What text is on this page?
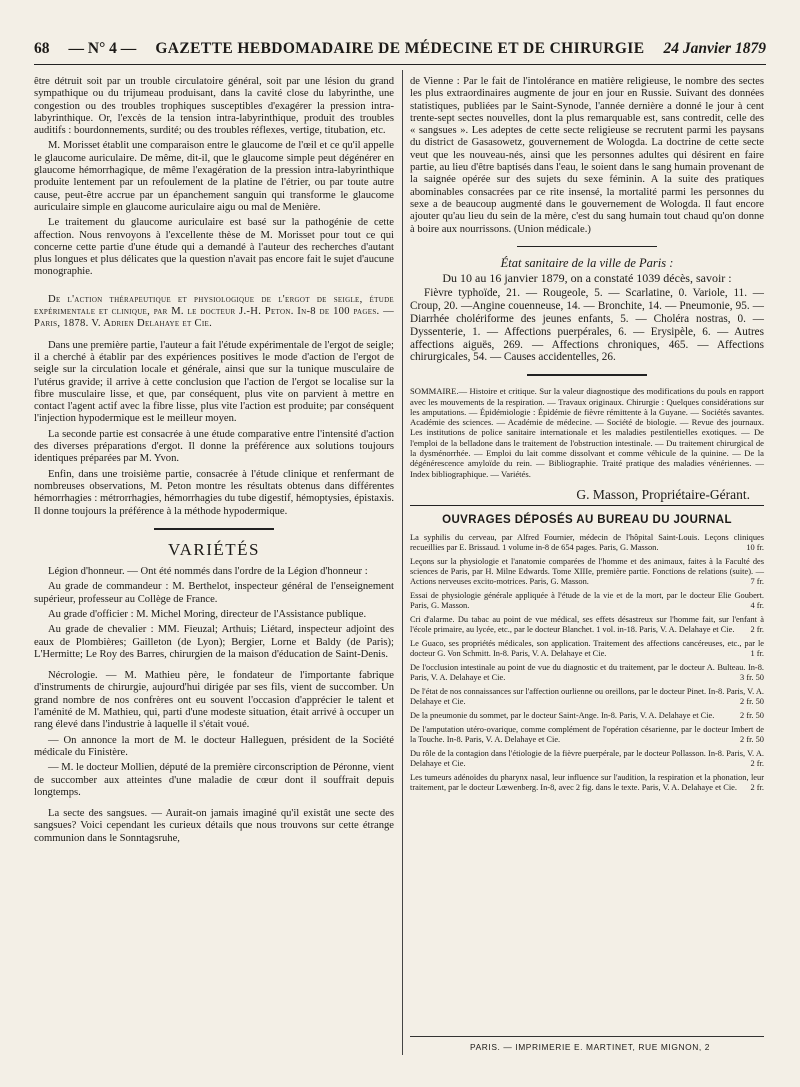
68 — N° 4 — GAZETTE HEBDOMADAIRE DE MÉDECINE ET DE CHIRURGIE 24 Janvier 1879

être détruit soit par un trouble circulatoire général, soit par une lésion du grand sympathique ou du trijumeau produisant, dans la cavité close du labyrinthe, une congestion ou des troubles trophiques susceptibles d'exagérer la pression intra-labyrinthique. Or, l'excès de la tension intra-labyrinthique, produit des troubles auditifs : bourdonnements, surdité; ou des troubles réflexes, vertige, titubation, etc.

M. Morisset établit une comparaison entre le glaucome de l'œil et ce qu'il appelle le glaucome auriculaire. De même, dit-il, que le glaucome simple peut dégénérer en glaucome hémorrhagique, de même l'exagération de la pression intra-labyrinthique produite lentement par un refoulement de la platine de l'étrier, ou par toute autre cause, peut-être accrue par un épanchement sanguin qui transforme le glaucome auriculaire simple en glaucome auriculaire aigu ou mal de Menière.

Le traitement du glaucome auriculaire est basé sur la pathogénie de cette affection. Nous renvoyons à l'excellente thèse de M. Morisset pour tout ce qui concerne cette partie d'une étude qui a demandé à l'auteur des recherches d'autant plus longues et plus délicates que la question n'avait pas encore fait le sujet d'aucune monographie.

De l'action thérapeutique et physiologique de l'ergot de seigle, étude expérimentale et clinique, par M. le docteur J.-H. Peton. In-8 de 100 pages. — Paris, 1878. V. Adrien Delahaye et Cie.

Dans une première partie, l'auteur a fait l'étude expérimentale de l'ergot de seigle; il a cherché à établir par des expériences positives le mode d'action de l'ergot de seigle sur la circulation locale et générale, ainsi que sur la tunique musculaire de l'utérus gravide; il arrive à cette conclusion que l'action de l'ergot se localise sur la fibre musculaire lisse, et que, par conséquent, plus vite on parvient à mettre en contact l'agent actif avec la fibre lisse, plus vite l'action est produite; par conséquent l'injection hypodermique est le meilleur moyen.

La seconde partie est consacrée à une étude comparative entre l'intensité d'action des diverses préparations d'ergot. Il donne la préférence aux solutions toujours identiques préparées par M. Yvon.

Enfin, dans une troisième partie, consacrée à l'étude clinique et renfermant de nombreuses observations, M. Peton montre les résultats obtenus dans différentes hémorrhagies : métrorrhagies, hémorrhagies du tube digestif, hémoptysies, épistaxis. Il donne toujours la préférence à la méthode hypodermique.

VARIÉTÉS

Légion d'honneur. — Ont été nommés dans l'ordre de la Légion d'honneur :

Au grade de commandeur : M. Berthelot, inspecteur général de l'enseignement supérieur, professeur au Collège de France.

Au grade d'officier : M. Michel Moring, directeur de l'Assistance publique.

Au grade de chevalier : MM. Fieuzal; Arthuis; Liétard, inspecteur adjoint des eaux de Plombières; Gailleton (de Lyon); Bergier, Lorne et Baldy (de Paris); L'Hermitte; Le Roy des Barres, chirurgien de la maison d'éducation de Saint-Denis.

Nécrologie. — M. Mathieu père, le fondateur de l'importante fabrique d'instruments de chirurgie, aujourd'hui dirigée par ses fils, vient de succomber. Un grand nombre de nos confrères ont eu souvent l'occasion d'apprécier le talent et l'aménité de M. Mathieu, qui, parti d'une modeste situation, était arrivé à occuper un rang élevé dans l'industrie à laquelle il s'était voué.

— On annonce la mort de M. le docteur Halleguen, président de la Société médicale du Finistère.

— M. le docteur Mollien, député de la première circonscription de Péronne, vient de succomber aux atteintes d'une maladie de cœur dont il souffrait depuis longtemps.

La secte des sangsues. — Aurait-on jamais imaginé qu'il existât une secte des sangsues? Voici cependant les curieux détails que nous trouvons sur cette étrange communion dans le Sonntagsruhe,

de Vienne : Par le fait de l'intolérance en matière religieuse, le nombre des sectes les plus extraordinaires augmente de jour en jour en Russie. Suivant des données statistiques, publiées par le Saint-Synode, l'année dernière a donné le jour à cent trente-sept sectes nouvelles, dont la plus remarquable est, sans contredit, celle des « sangsues ». Les adeptes de cette secte religieuse se recrutent parmi les paysans du district de Gasasowetz, gouvernement de Wologda. La doctrine de cette secte veut que les nouveau-nés, ainsi que les personnes adultes qui désirent en faire partie, au lieu d'être baptisés dans l'eau, le soient dans le sang humain provenant de la saignée opérée sur des sujets du sexe féminin. A la suite des pratiques abominables consacrées par ce rite insensé, la mortalité parmi les personnes du sexe a de beaucoup augmenté dans le gouvernement de Wologda. Il faut encore ajouter qu'au lieu du sein de la mère, c'est du sang humain tout chaud qu'on donne à boire aux nourrissons. (Union médicale.)

État sanitaire de la ville de Paris :
Du 10 au 16 janvier 1879, on a constaté 1039 décès, savoir :

Fièvre typhoïde, 21. — Rougeole, 5. — Scarlatine, 0. Variole, 11. — Croup, 20. —Angine couenneuse, 14. — Bronchite, 14. — Pneumonie, 95. — Diarrhée cholériforme des jeunes enfants, 5. — Choléra nostras, 0. — Dyssenterie, 1. — Affections puerpérales, 6. — Erysipèle, 6. — Autres affections aiguës, 269. — Affections chroniques, 465. — Affections chirurgicales, 54. — Causes accidentelles, 26.

SOMMAIRE.— Histoire et critique. Sur la valeur diagnostique des modifications du pouls en rapport avec les mouvements de la respiration. — Travaux originaux. Chirurgie : Quelques considérations sur les amputations. — Épidémiologie : Épidémie de fièvre rémittente à la Guyane. — Sociétés savantes. Académie des sciences. — Académie de médecine. — Société de biologie. — Revue des journaux. Les institutions de police sanitaire internationale et les maladies pestilentielles exotiques. — De l'emploi de la belladone dans le traitement de l'obstruction intestinale. — Du traitement chirurgical de la dysménorrhée. — Emploi du lait comme dissolvant et comme véhicule de la quinine. — De la dégénérescence amyloïde du rein. — Bibliographie. Traité pratique des maladies vénériennes. — Index bibliographique. — Variétés.

G. Masson, Propriétaire-Gérant.
OUVRAGES DÉPOSÉS AU BUREAU DU JOURNAL

La syphilis du cerveau, par Alfred Fournier, médecin de l'hôpital Saint-Louis. Leçons cliniques recueillies par E. Brissaud. 1 volume in-8 de 654 pages. Paris, G. Masson.	10 fr.

Leçons sur la physiologie et l'anatomie comparées de l'homme et des animaux, faites à la Faculté des sciences de Paris, par H. Milne Edwards. Tome XIIIe, première partie. Fonctions de relations (suite). — Actions nerveuses excito-motrices. Paris, G. Masson.	7 fr.

Essai de physiologie générale appliquée à l'étude de la vie et de la mort, par le docteur Elie Goubert. Paris, G. Masson.	4 fr.

Cri d'alarme. Du tabac au point de vue médical, ses effets désastreux sur l'homme fait, sur l'enfant à l'école primaire, au lycée, etc., par le docteur Blanchet. 1 vol. in-18. Paris, V. A. Delahaye et Cie. 2 fr.

Le Guaco, ses propriétés médicales, son application. Traitement des affections cancéreuses, etc., par le docteur G. Von Schmitt. In-8. Paris, V. A. Delahaye et Cie.	1 fr.

De l'occlusion intestinale au point de vue du diagnostic et du traitement, par le docteur A. Bulteau. In-8. Paris, V. A. Delahaye et Cie.	3 fr. 50

De l'état de nos connaissances sur l'affection ourlienne ou oreillons, par le docteur Pinet. In-8. Paris, V. A. Delahaye et Cie.	2 fr. 50

De la pneumonie du sommet, par le docteur Saint-Ange. In-8. Paris, V. A. Delahaye et Cie.	2 fr. 50

De l'amputation utéro-ovarique, comme complément de l'opération césarienne, par le docteur Imbert de la Touche. In-8. Paris, V. A. Delahaye et Cie.	2 fr. 50

Du rôle de la contagion dans l'étiologie de la fièvre puerpérale, par le docteur Pollasson. In-8. Paris, V. A. Delahaye et Cie.	2 fr.

Les tumeurs adénoïdes du pharynx nasal, leur influence sur l'audition, la respiration et la phonation, leur traitement, par le docteur Lœwenberg. In-8, avec 2 fig. dans le texte. Paris, V. A. Delahaye et Cie. 2 fr.

PARIS. — IMPRIMERIE E. MARTINET, RUE MIGNON, 2
